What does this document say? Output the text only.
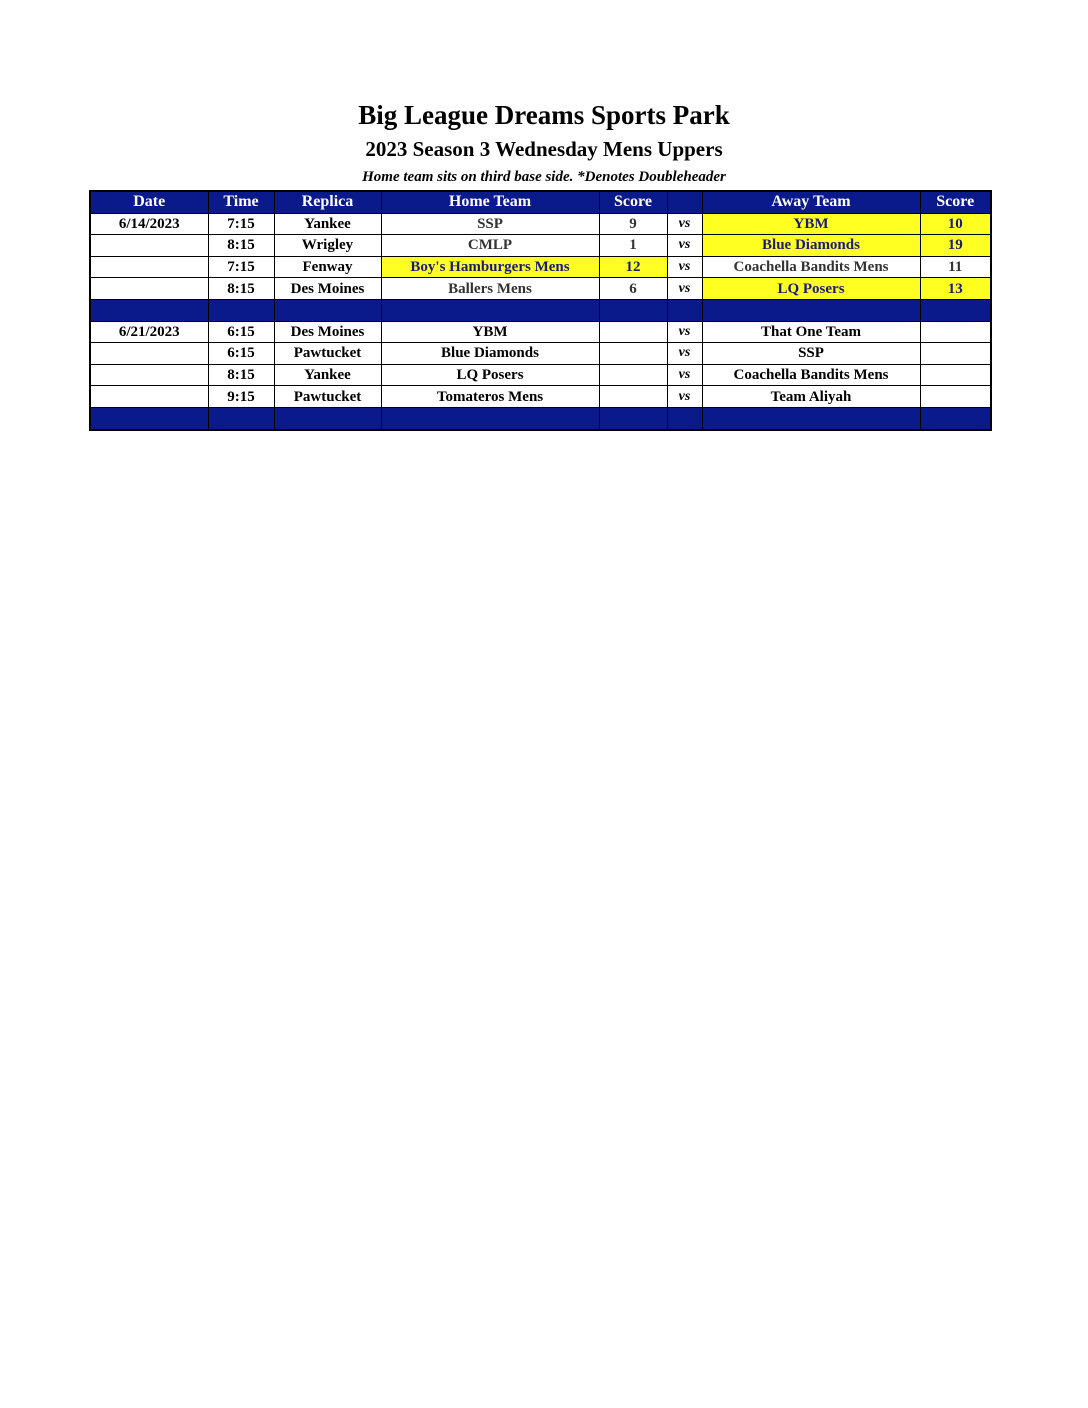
Big League Dreams Sports Park
2023 Season 3 Wednesday Mens Uppers
Home team sits on third base side. *Denotes Doubleheader
Date	Time	Replica	Home Team	Score		Away Team	Score
6/14/2023	7:15	Yankee	SSP	9	vs	YBM	10
	8:15	Wrigley	CMLP	1	vs	Blue Diamonds	19
	7:15	Fenway	Boy's Hamburgers Mens	12	vs	Coachella Bandits Mens	11
	8:15	Des Moines	Ballers Mens	6	vs	LQ Posers	13

6/21/2023	6:15	Des Moines	YBM		vs	That One Team	
	6:15	Pawtucket	Blue Diamonds		vs	SSP	
	8:15	Yankee	LQ Posers		vs	Coachella Bandits Mens	
	9:15	Pawtucket	Tomateros Mens		vs	Team Aliyah	
